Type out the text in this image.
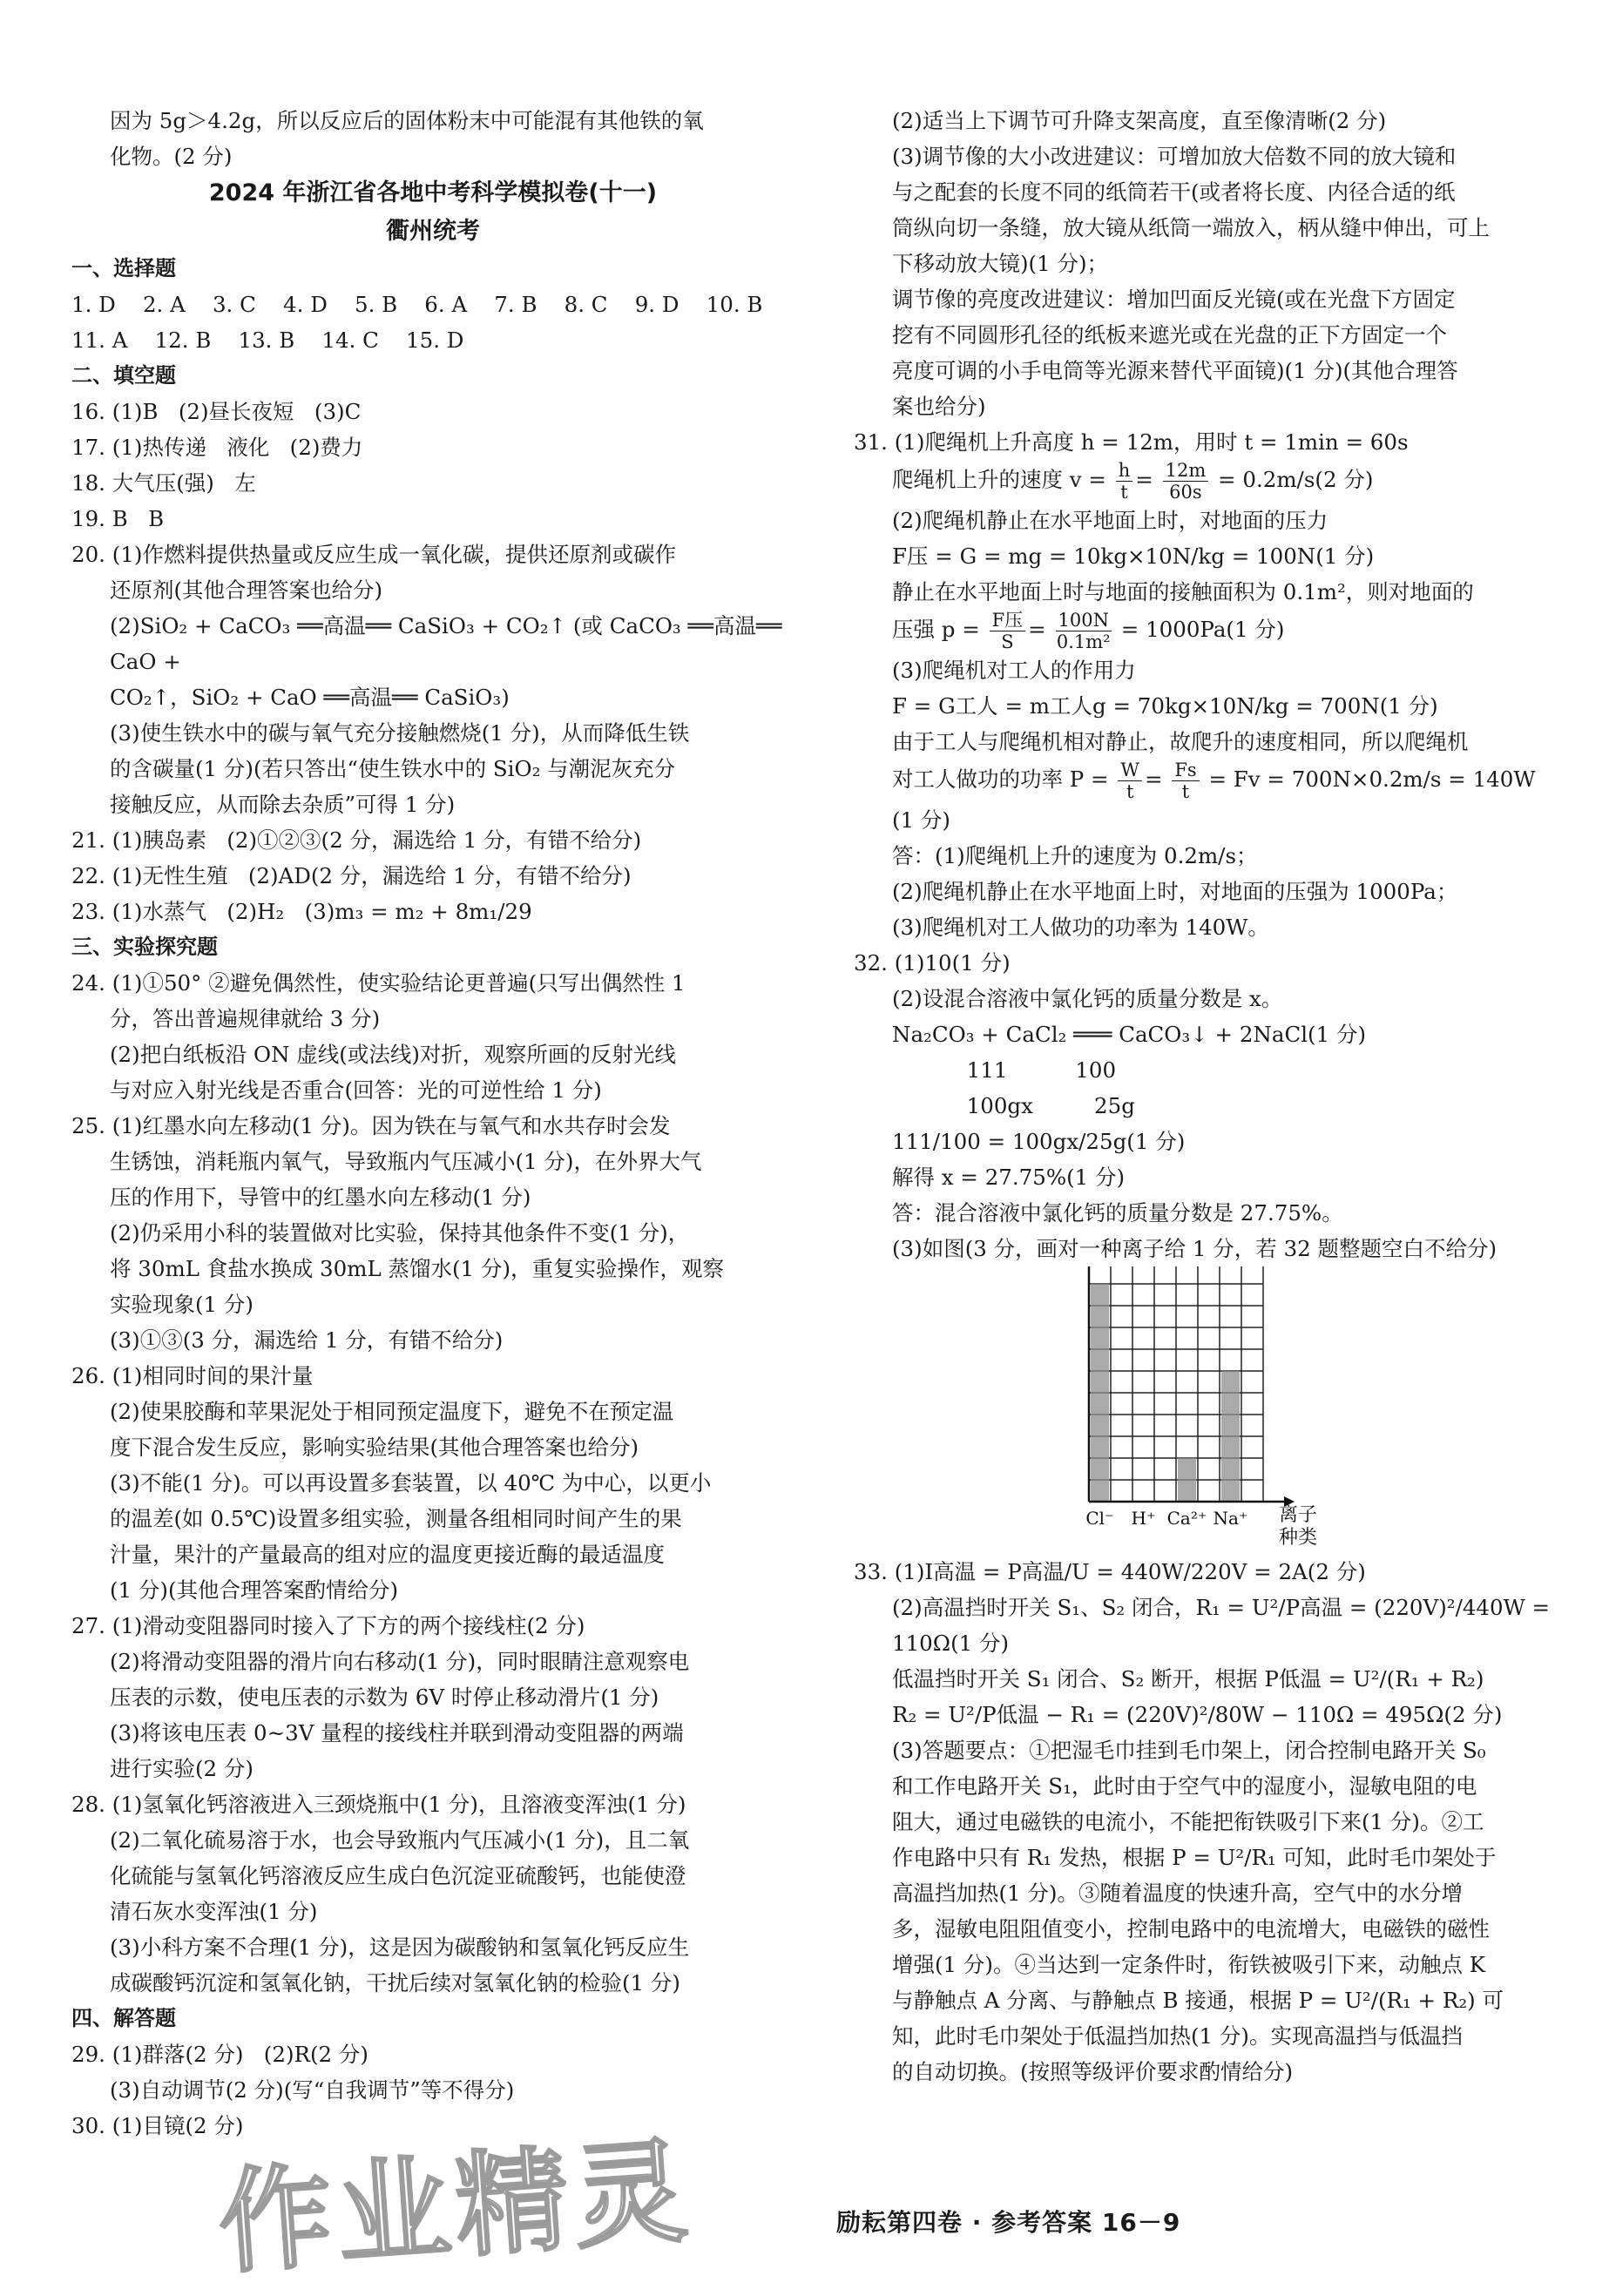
因为 5g＞4.2g，所以反应后的固体粉末中可能混有其他铁的氧
化物。(2 分)
2024 年浙江省各地中考科学模拟卷(十一)
衢州统考
一、选择题
1. D    2. A    3. C    4. D    5. B    6. A    7. B    8. C    9. D    10. B
11. A    12. B    13. B    14. C    15. D
二、填空题
16. (1)B   (2)昼长夜短   (3)C
17. (1)热传递   液化   (2)费力
18. 大气压(强)   左
19. B   B
20. (1)作燃料提供热量或反应生成一氧化碳，提供还原剂或碳作
还原剂(其他合理答案也给分)
(2)SiO₂ + CaCO₃ ══高温══ CaSiO₃ + CO₂↑ (或 CaCO₃ ══高温══ CaO +
CO₂↑，SiO₂ + CaO ══高温══ CaSiO₃)
(3)使生铁水中的碳与氧气充分接触燃烧(1 分)，从而降低生铁
的含碳量(1 分)(若只答出“使生铁水中的 SiO₂ 与潮泥灰充分
接触反应，从而除去杂质”可得 1 分)
21. (1)胰岛素   (2)①②③(2 分，漏选给 1 分，有错不给分)
22. (1)无性生殖   (2)AD(2 分，漏选给 1 分，有错不给分)
23. (1)水蒸气   (2)H₂   (3)m₃ = m₂ + 8m₁/29
三、实验探究题
24. (1)①50° ②避免偶然性，使实验结论更普遍(只写出偶然性 1
分，答出普遍规律就给 3 分)
(2)把白纸板沿 ON 虚线(或法线)对折，观察所画的反射光线
与对应入射光线是否重合(回答：光的可逆性给 1 分)
25. (1)红墨水向左移动(1 分)。因为铁在与氧气和水共存时会发
生锈蚀，消耗瓶内氧气，导致瓶内气压减小(1 分)，在外界大气
压的作用下，导管中的红墨水向左移动(1 分)
(2)仍采用小科的装置做对比实验，保持其他条件不变(1 分)，
将 30mL 食盐水换成 30mL 蒸馏水(1 分)，重复实验操作，观察
实验现象(1 分)
(3)①③(3 分，漏选给 1 分，有错不给分)
26. (1)相同时间的果汁量
(2)使果胶酶和苹果泥处于相同预定温度下，避免不在预定温
度下混合发生反应，影响实验结果(其他合理答案也给分)
(3)不能(1 分)。可以再设置多套装置，以 40℃ 为中心，以更小
的温差(如 0.5℃)设置多组实验，测量各组相同时间产生的果
汁量，果汁的产量最高的组对应的温度更接近酶的最适温度
(1 分)(其他合理答案酌情给分)
27. (1)滑动变阻器同时接入了下方的两个接线柱(2 分)
(2)将滑动变阻器的滑片向右移动(1 分)，同时眼睛注意观察电
压表的示数，使电压表的示数为 6V 时停止移动滑片(1 分)
(3)将该电压表 0~3V 量程的接线柱并联到滑动变阻器的两端
进行实验(2 分)
28. (1)氢氧化钙溶液进入三颈烧瓶中(1 分)，且溶液变浑浊(1 分)
(2)二氧化硫易溶于水，也会导致瓶内气压减小(1 分)，且二氧
化硫能与氢氧化钙溶液反应生成白色沉淀亚硫酸钙，也能使澄
清石灰水变浑浊(1 分)
(3)小科方案不合理(1 分)，这是因为碳酸钠和氢氧化钙反应生
成碳酸钙沉淀和氢氧化钠，干扰后续对氢氧化钠的检验(1 分)
四、解答题
29. (1)群落(2 分)   (2)R(2 分)
(3)自动调节(2 分)(写“自我调节”等不得分)
30. (1)目镜(2 分)
(2)适当上下调节可升降支架高度，直至像清晰(2 分)
(3)调节像的大小改进建议：可增加放大倍数不同的放大镜和
与之配套的长度不同的纸筒若干(或者将长度、内径合适的纸
筒纵向切一条缝，放大镜从纸筒一端放入，柄从缝中伸出，可上
下移动放大镜)(1 分)；
调节像的亮度改进建议：增加凹面反光镜(或在光盘下方固定
挖有不同圆形孔径的纸板来遮光或在光盘的正下方固定一个
亮度可调的小手电筒等光源来替代平面镜)(1 分)(其他合理答
案也给分)
31. (1)爬绳机上升高度 h = 12m，用时 t = 1min = 60s
爬绳机上升的速度 $v = \frac{h}{t} = \frac{12m}{60s} = 0.2m/s(2$ 分)
(2)爬绳机静止在水平地面上时，对地面的压力
F压 = G = mg = 10kg×10N/kg = 100N(1 分)
静止在水平地面上时与地面的接触面积为 0.1m²，则对地面的
压强 $p = \frac{\text{F压}}{S} = \frac{100N}{\text{0.1m²}} = 1000Pa(1$ 分)
(3)爬绳机对工人的作用力
F = G工人 = m工人g = 70kg×10N/kg = 700N(1 分)
由于工人与爬绳机相对静止，故爬升的速度相同，所以爬绳机
对工人做功的功率 $P = \frac{W}{t} = \frac{Fs}{t} = Fv = 700N\times 0.2m/s = 140W$
(1 分)
答：(1)爬绳机上升的速度为 0.2m/s；
(2)爬绳机静止在水平地面上时，对地面的压强为 1000Pa；
(3)爬绳机对工人做功的功率为 140W。
32. (1)10(1 分)
(2)设混合溶液中氯化钙的质量分数是 x。
Na₂CO₃ + CaCl₂ ═══ CaCO₃↓ + 2NaCl(1 分)
111          100
100gx         25g
111/100 = 100gx/25g(1 分)
解得 x = 27.75%(1 分)
答：混合溶液中氯化钙的质量分数是 27.75%。
(3)如图(3 分，画对一种离子给 1 分，若 32 题整题空白不给分)
Cl⁻ H⁺ Ca²⁺ Na⁺ 离子
种类
33. (1)I高温 = P高温/U = 440W/220V = 2A(2 分)
(2)高温挡时开关 S₁、S₂ 闭合，R₁ = U²/P高温 = (220V)²/440W =
110Ω(1 分)
低温挡时开关 S₁ 闭合、S₂ 断开，根据 P低温 = U²/(R₁ + R₂)
R₂ = U²/P低温 − R₁ = (220V)²/80W − 110Ω = 495Ω(2 分)
(3)答题要点：①把湿毛巾挂到毛巾架上，闭合控制电路开关 S₀
和工作电路开关 S₁，此时由于空气中的湿度小，湿敏电阻的电
阻大，通过电磁铁的电流小，不能把衔铁吸引下来(1 分)。②工
作电路中只有 R₁ 发热，根据 P = U²/R₁ 可知，此时毛巾架处于
高温挡加热(1 分)。③随着温度的快速升高，空气中的水分增
多，湿敏电阻阻值变小，控制电路中的电流增大，电磁铁的磁性
增强(1 分)。④当达到一定条件时，衔铁被吸引下来，动触点 K
与静触点 A 分离、与静触点 B 接通，根据 P = U²/(R₁ + R₂) 可
知，此时毛巾架处于低温挡加热(1 分)。实现高温挡与低温挡
的自动切换。(按照等级评价要求酌情给分)
励耘第四卷 · 参考答案 16－9
作业精灵
